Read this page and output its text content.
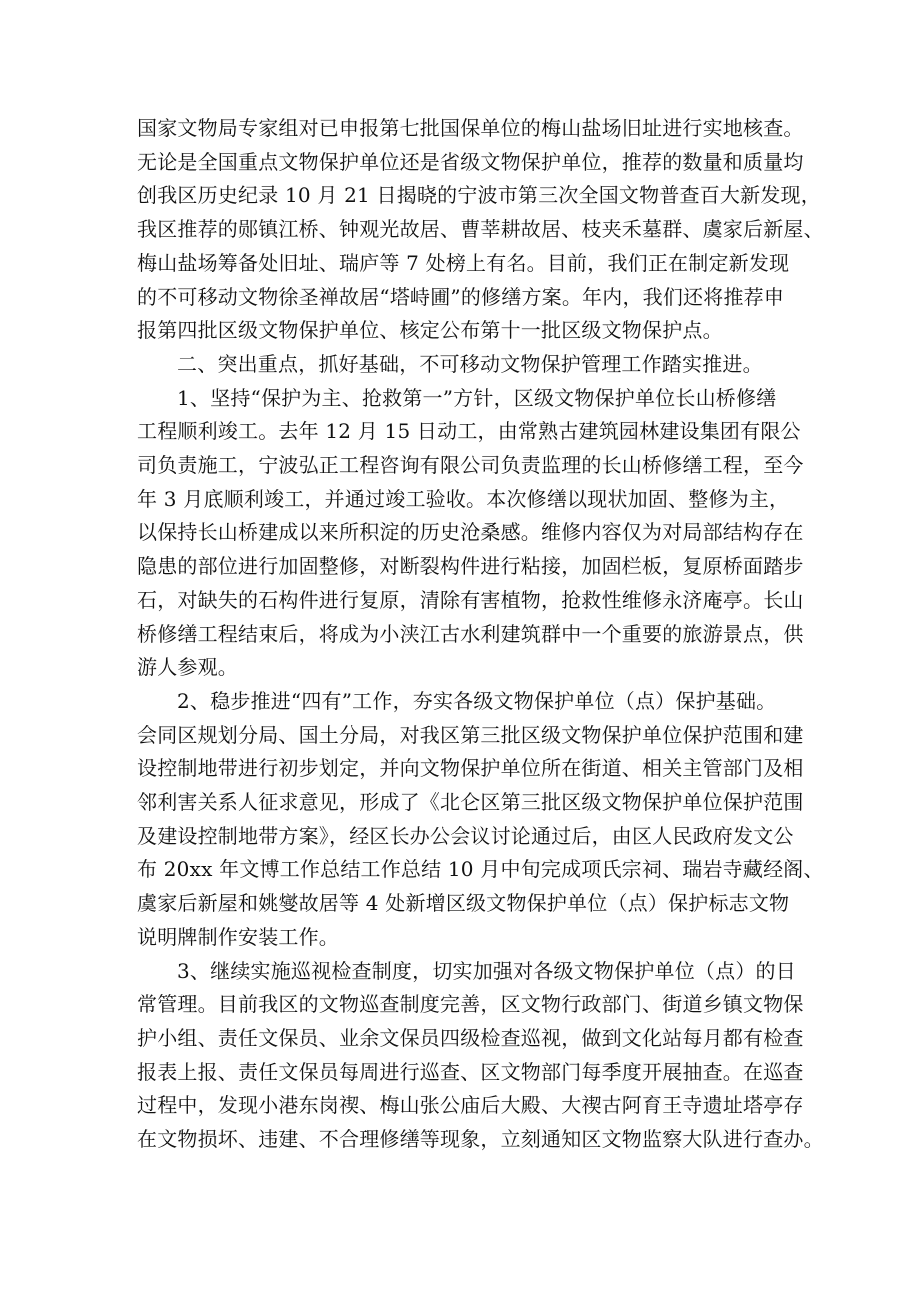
国家文物局专家组对已申报第七批国保单位的梅山盐场旧址进行实地核查。
无论是全国重点文物保护单位还是省级文物保护单位，推荐的数量和质量均
创我区历史纪录 10 月 21 日揭晓的宁波市第三次全国文物普查百大新发现，
我区推荐的郧镇江桥、钟观光故居、曹莘耕故居、枝夹禾墓群、虞家后新屋、
梅山盐场筹备处旧址、瑞庐等 7 处榜上有名。目前，我们正在制定新发现
的不可移动文物徐圣禅故居“塔峙圃”的修缮方案。年内，我们还将推荐申
报第四批区级文物保护单位、核定公布第十一批区级文物保护点。
二、突出重点，抓好基础，不可移动文物保护管理工作踏实推进。
1、坚持“保护为主、抢救第一”方针，区级文物保护单位长山桥修缮
工程顺利竣工。去年 12 月 15 日动工，由常熟古建筑园林建设集团有限公
司负责施工，宁波弘正工程咨询有限公司负责监理的长山桥修缮工程，至今
年 3 月底顺利竣工，并通过竣工验收。本次修缮以现状加固、整修为主，
以保持长山桥建成以来所积淀的历史沧桑感。维修内容仅为对局部结构存在
隐患的部位进行加固整修，对断裂构件进行粘接，加固栏板，复原桥面踏步
石，对缺失的石构件进行复原，清除有害植物，抢救性维修永济庵亭。长山
桥修缮工程结束后，将成为小浃江古水利建筑群中一个重要的旅游景点，供
游人参观。
2、稳步推进“四有”工作，夯实各级文物保护单位（点）保护基础。
会同区规划分局、国土分局，对我区第三批区级文物保护单位保护范围和建
设控制地带进行初步划定，并向文物保护单位所在街道、相关主管部门及相
邻利害关系人征求意见，形成了《北仑区第三批区级文物保护单位保护范围
及建设控制地带方案》，经区长办公会议讨论通过后，由区人民政府发文公
布 20xx 年文博工作总结工作总结 10 月中旬完成项氏宗祠、瑞岩寺藏经阁、
虞家后新屋和姚燮故居等 4 处新增区级文物保护单位（点）保护标志文物
说明牌制作安装工作。
3、继续实施巡视检查制度，切实加强对各级文物保护单位（点）的日
常管理。目前我区的文物巡查制度完善，区文物行政部门、街道乡镇文物保
护小组、责任文保员、业余文保员四级检查巡视，做到文化站每月都有检查
报表上报、责任文保员每周进行巡查、区文物部门每季度开展抽查。在巡查
过程中，发现小港东岗禊、梅山张公庙后大殿、大禊古阿育王寺遗址塔亭存
在文物损坏、违建、不合理修缮等现象，立刻通知区文物监察大队进行查办。
